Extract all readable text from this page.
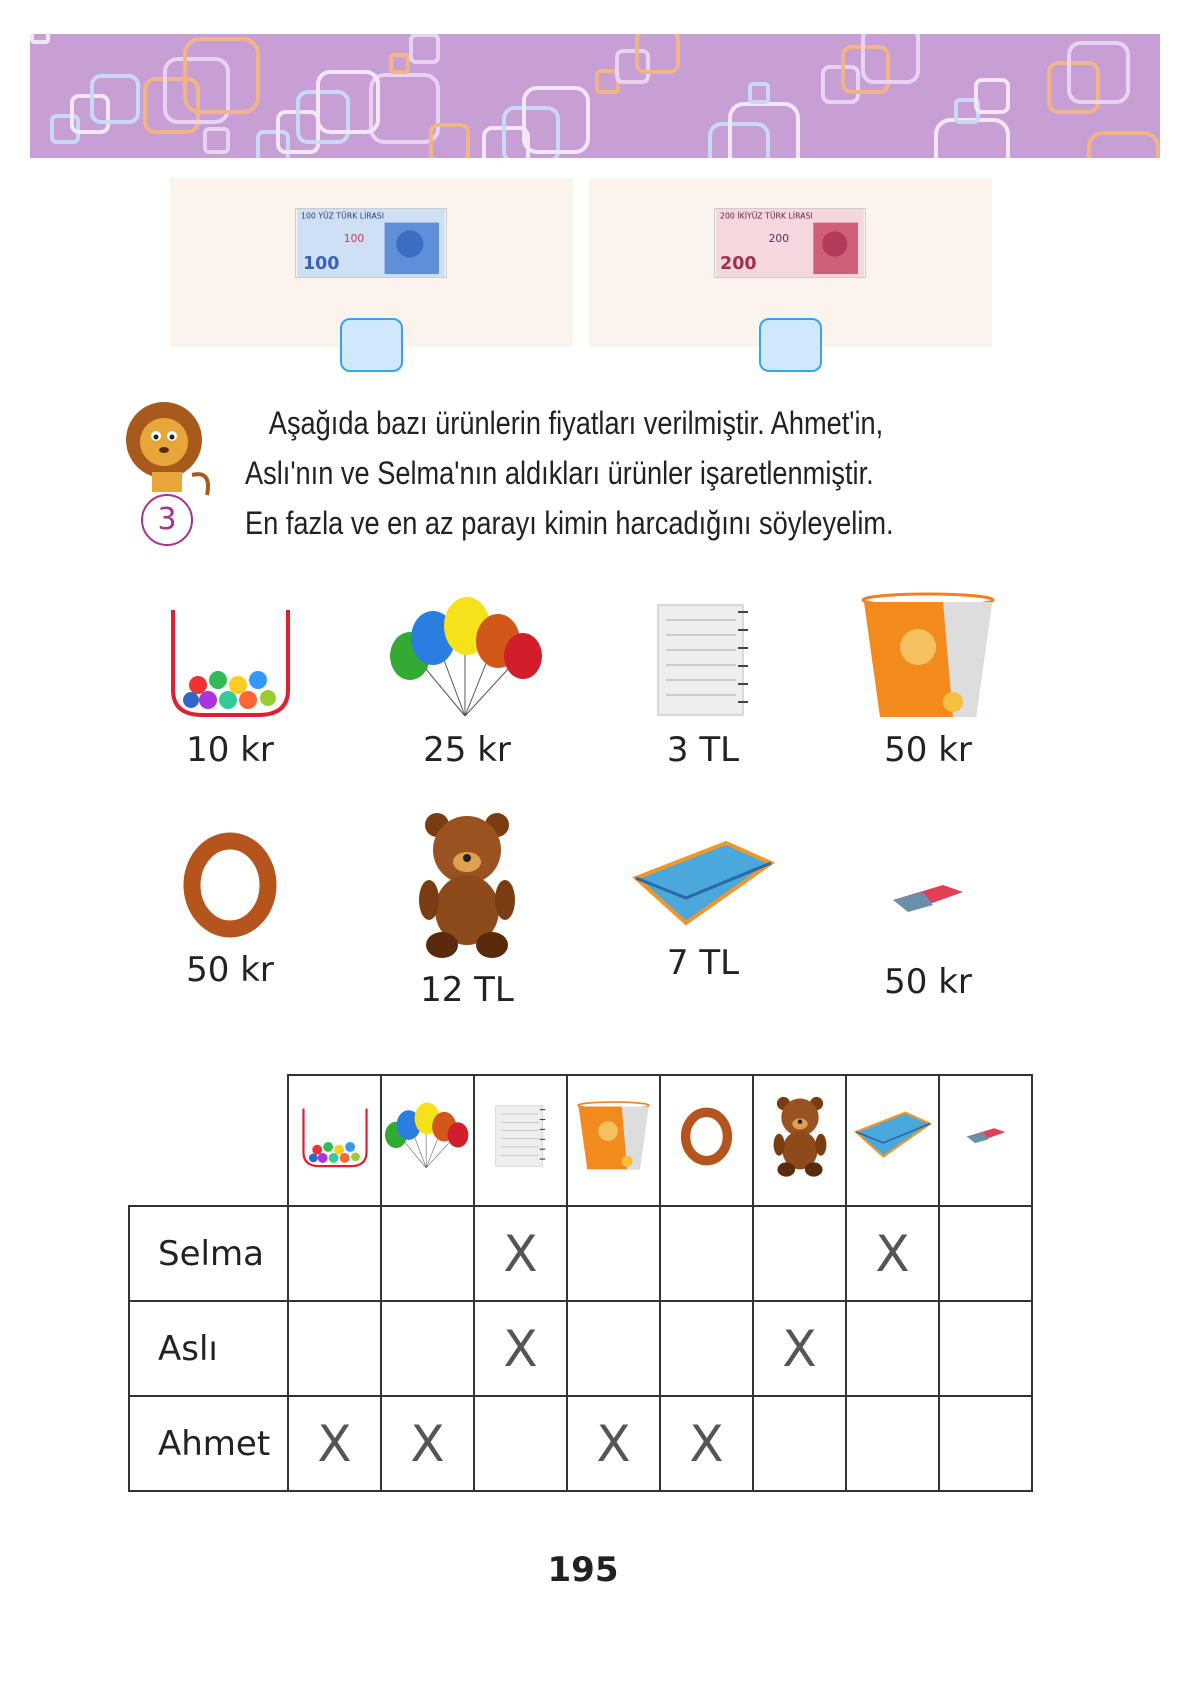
100 YÜZ TÜRK LİRASI
100
100
200 İKİYÜZ TÜRK LİRASI
200
200
3

Aşağıda bazı ürünlerin fiyatları verilmiştir. Ahmet'in,

Aslı'nın ve Selma'nın aldıkları ürünler işaretlenmiştir.

En fazla ve en az parayı kimin harcadığını söyleyelim.

10 kr	25 kr	3 TL	50 kr
50 kr	12 TL
7 TL	50 kr

Selma			X				X	
Aslı			X			X		
Ahmet	X	X		X	X			
195
